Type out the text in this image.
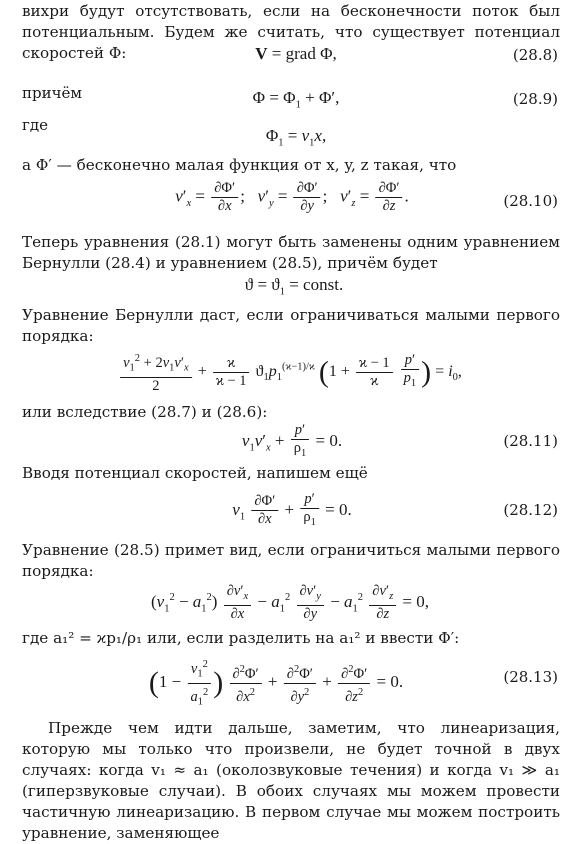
вихри будут отсутствовать, если на бесконечности поток был потенциальным. Будем же считать, что существует потенциал скоростей Φ:	V = grad Φ,	(28.8)
причём	$\Phi = \Phi_1 + \Phi'$,	(28.9)
где
$\Phi_1 = v_1x$,

а Φ′ — бесконечно малая функция от x, y, z такая, что

$v'_x = \frac{\partial\Phi'}{\partial x}$ ;   $v'_y = \frac{\partial\Phi'}{\partial y}$ ;   $v'_z = \frac{\partial\Phi'}{\partial z}$ .	(28.10)

Теперь уравнения (28.1) могут быть заменены одним уравнением Бернулли (28.4) и уравнением (28.5), причём будет

$ϑ = ϑ_1$ = const.

Уравнение Бернулли даст, если ограничиваться малыми первого порядка:

$\frac{v_1^2 + 2v_1v'_x}{2} + \frac{ϰ}{ϰ - 1} ϑ_1p_1^{(ϰ-1)/ϰ}$ ($1 + \frac{ϰ - 1}{ϰ}$
$\frac{p'}{p_1}$ ) = $i_0$,

или вследствие (28.7) и (28.6):

$v_1v'_x + \frac{p'}{\rho_1} = 0$.	(28.11)

Вводя потенциал скоростей, напишем ещё

$v_1 \frac{\partial\Phi'}{\partial x} + \frac{p'}{\rho_1} = 0$.	(28.12)

Уравнение (28.5) примет вид, если ограничиться малыми первого порядка:

$(v_1^2 - a_1^2) \frac{\partial v'_x}{\partial x} - a_1^2 \frac{\partial v'_y}{\partial y} - a_1^2 \frac{\partial v'_z}{\partial z} = 0$,

где a₁² = ϰp₁/ρ₁ или, если разделить на a₁² и ввести Φ′:

($1 - \frac{v_1^2}{a_1^2}$ ) $\frac{\partial^2\Phi'}{\partial x^2} + \frac{\partial^2\Phi'}{\partial y^2} + \frac{\partial^2\Phi'}{\partial z^2} = 0$.	(28.13)

Прежде чем идти дальше, заметим, что линеаризация, которую мы только что произвели, не будет точной в двух случаях: когда v₁ ≈ a₁ (околозвуковые течения) и когда v₁ ≫ a₁ (гиперзвуковые случаи). В обоих случаях мы можем провести частичную линеаризацию. В первом случае мы можем построить уравнение, заменяющее
